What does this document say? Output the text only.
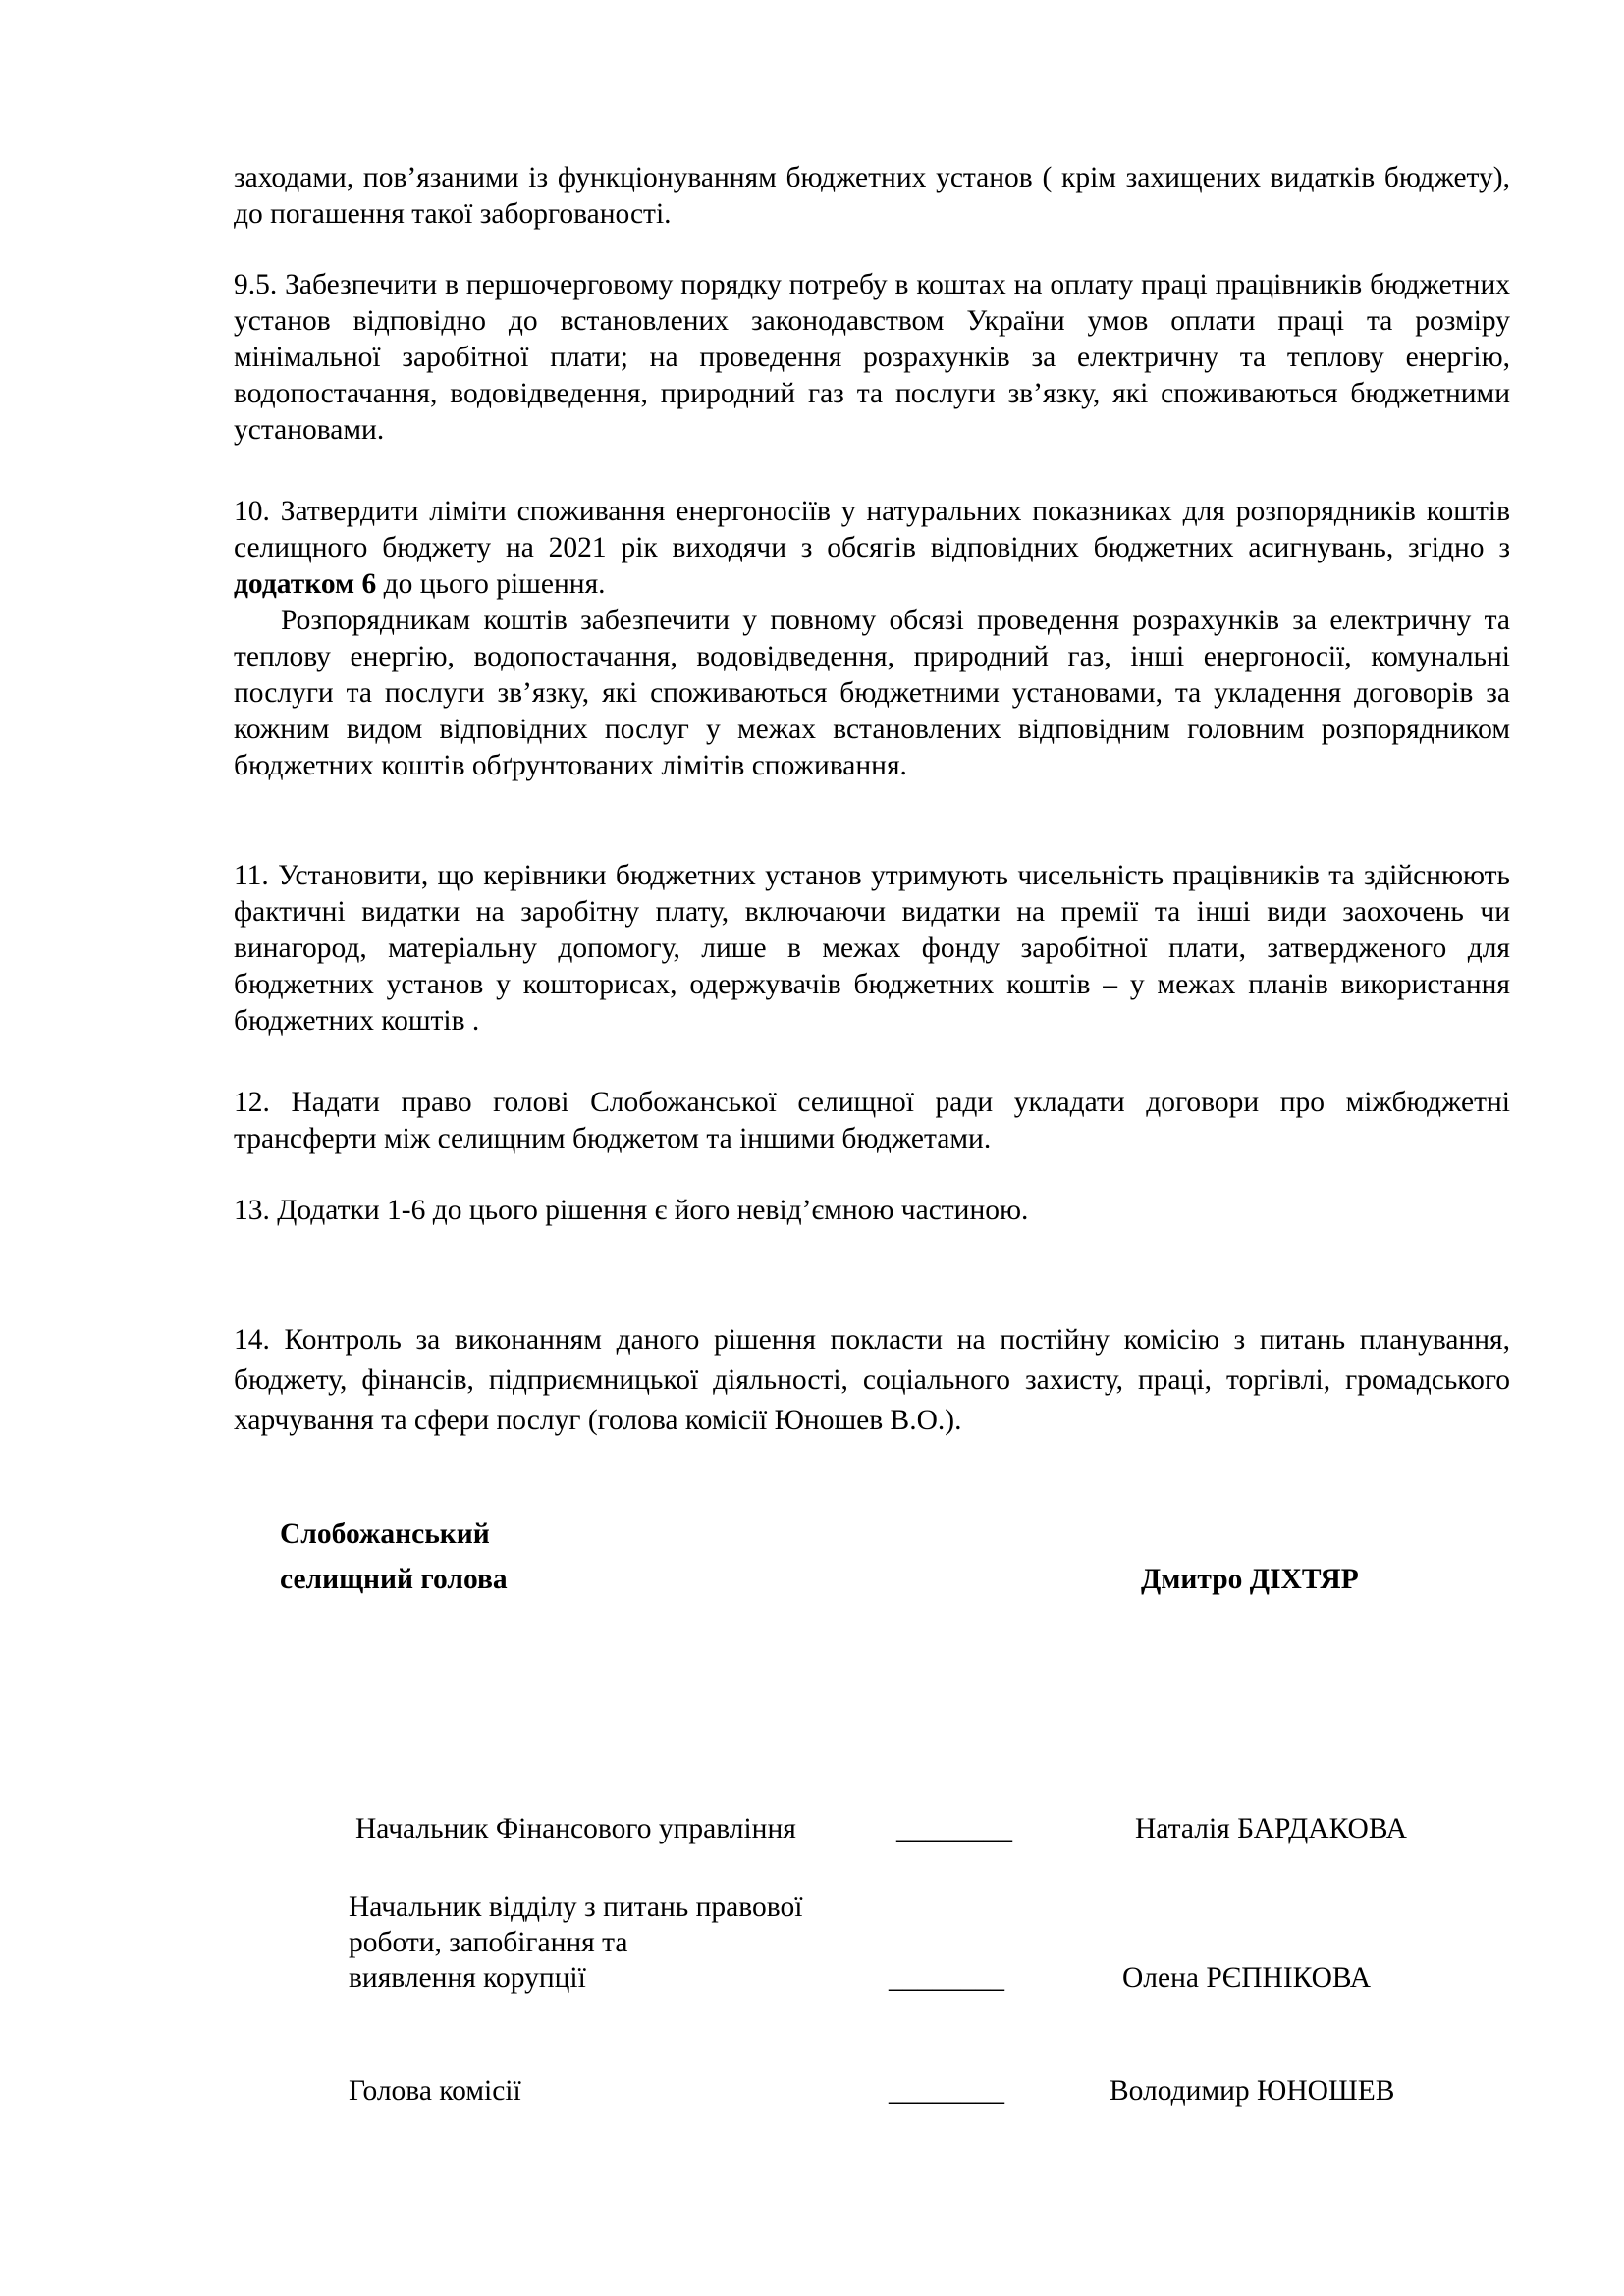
заходами, пов’язаними із функціонуванням бюджетних установ ( крім захищених видатків бюджету), до погашення такої заборгованості.

9.5. Забезпечити в першочерговому порядку потребу в коштах на оплату праці працівників бюджетних установ відповідно до встановлених законодавством України умов оплати праці та розміру мінімальної заробітної плати; на проведення розрахунків за електричну та теплову енергію, водопостачання, водовідведення, природний газ та послуги зв’язку, які споживаються бюджетними установами.

10. Затвердити ліміти споживання енергоносіїв у натуральних показниках для розпорядників коштів селищного бюджету на 2021 рік виходячи з обсягів відповідних бюджетних асигнувань, згідно з додатком 6 до цього рішення.

Розпорядникам коштів забезпечити у повному обсязі проведення розрахунків за електричну та теплову енергію, водопостачання, водовідведення, природний газ, інші енергоносії, комунальні послуги та послуги зв’язку, які споживаються бюджетними установами, та укладення договорів за кожним видом відповідних послуг у межах встановлених відповідним головним розпорядником бюджетних коштів обґрунтованих лімітів споживання.

11. Установити, що керівники бюджетних установ утримують чисельність працівників та здійснюють фактичні видатки на заробітну плату, включаючи видатки на премії та інші види заохочень чи винагород, матеріальну допомогу, лише в межах фонду заробітної плати, затвердженого для бюджетних установ у кошторисах, одержувачів бюджетних коштів – у межах планів використання бюджетних коштів .

12. Надати право голові Слобожанської селищної ради укладати договори про міжбюджетні трансферти між селищним бюджетом та іншими бюджетами.

13. Додатки 1-6 до цього рішення є його невід’ємною частиною.

14. Контроль за виконанням даного рішення покласти на постійну комісію з питань планування, бюджету, фінансів, підприємницької діяльності, соціального захисту, праці, торгівлі, громадського харчування та сфери послуг (голова комісії Юношев В.О.).

Слобожанський
селищний голова	Дмитро ДІХТЯР
Начальник Фінансового управління	________	Наталія БАРДАКОВА
Начальник відділу з питань правової
роботи, запобігання та
виявлення корупції	________	Олена РЄПНІКОВА
Голова комісії	________	Володимир ЮНОШЕВ
